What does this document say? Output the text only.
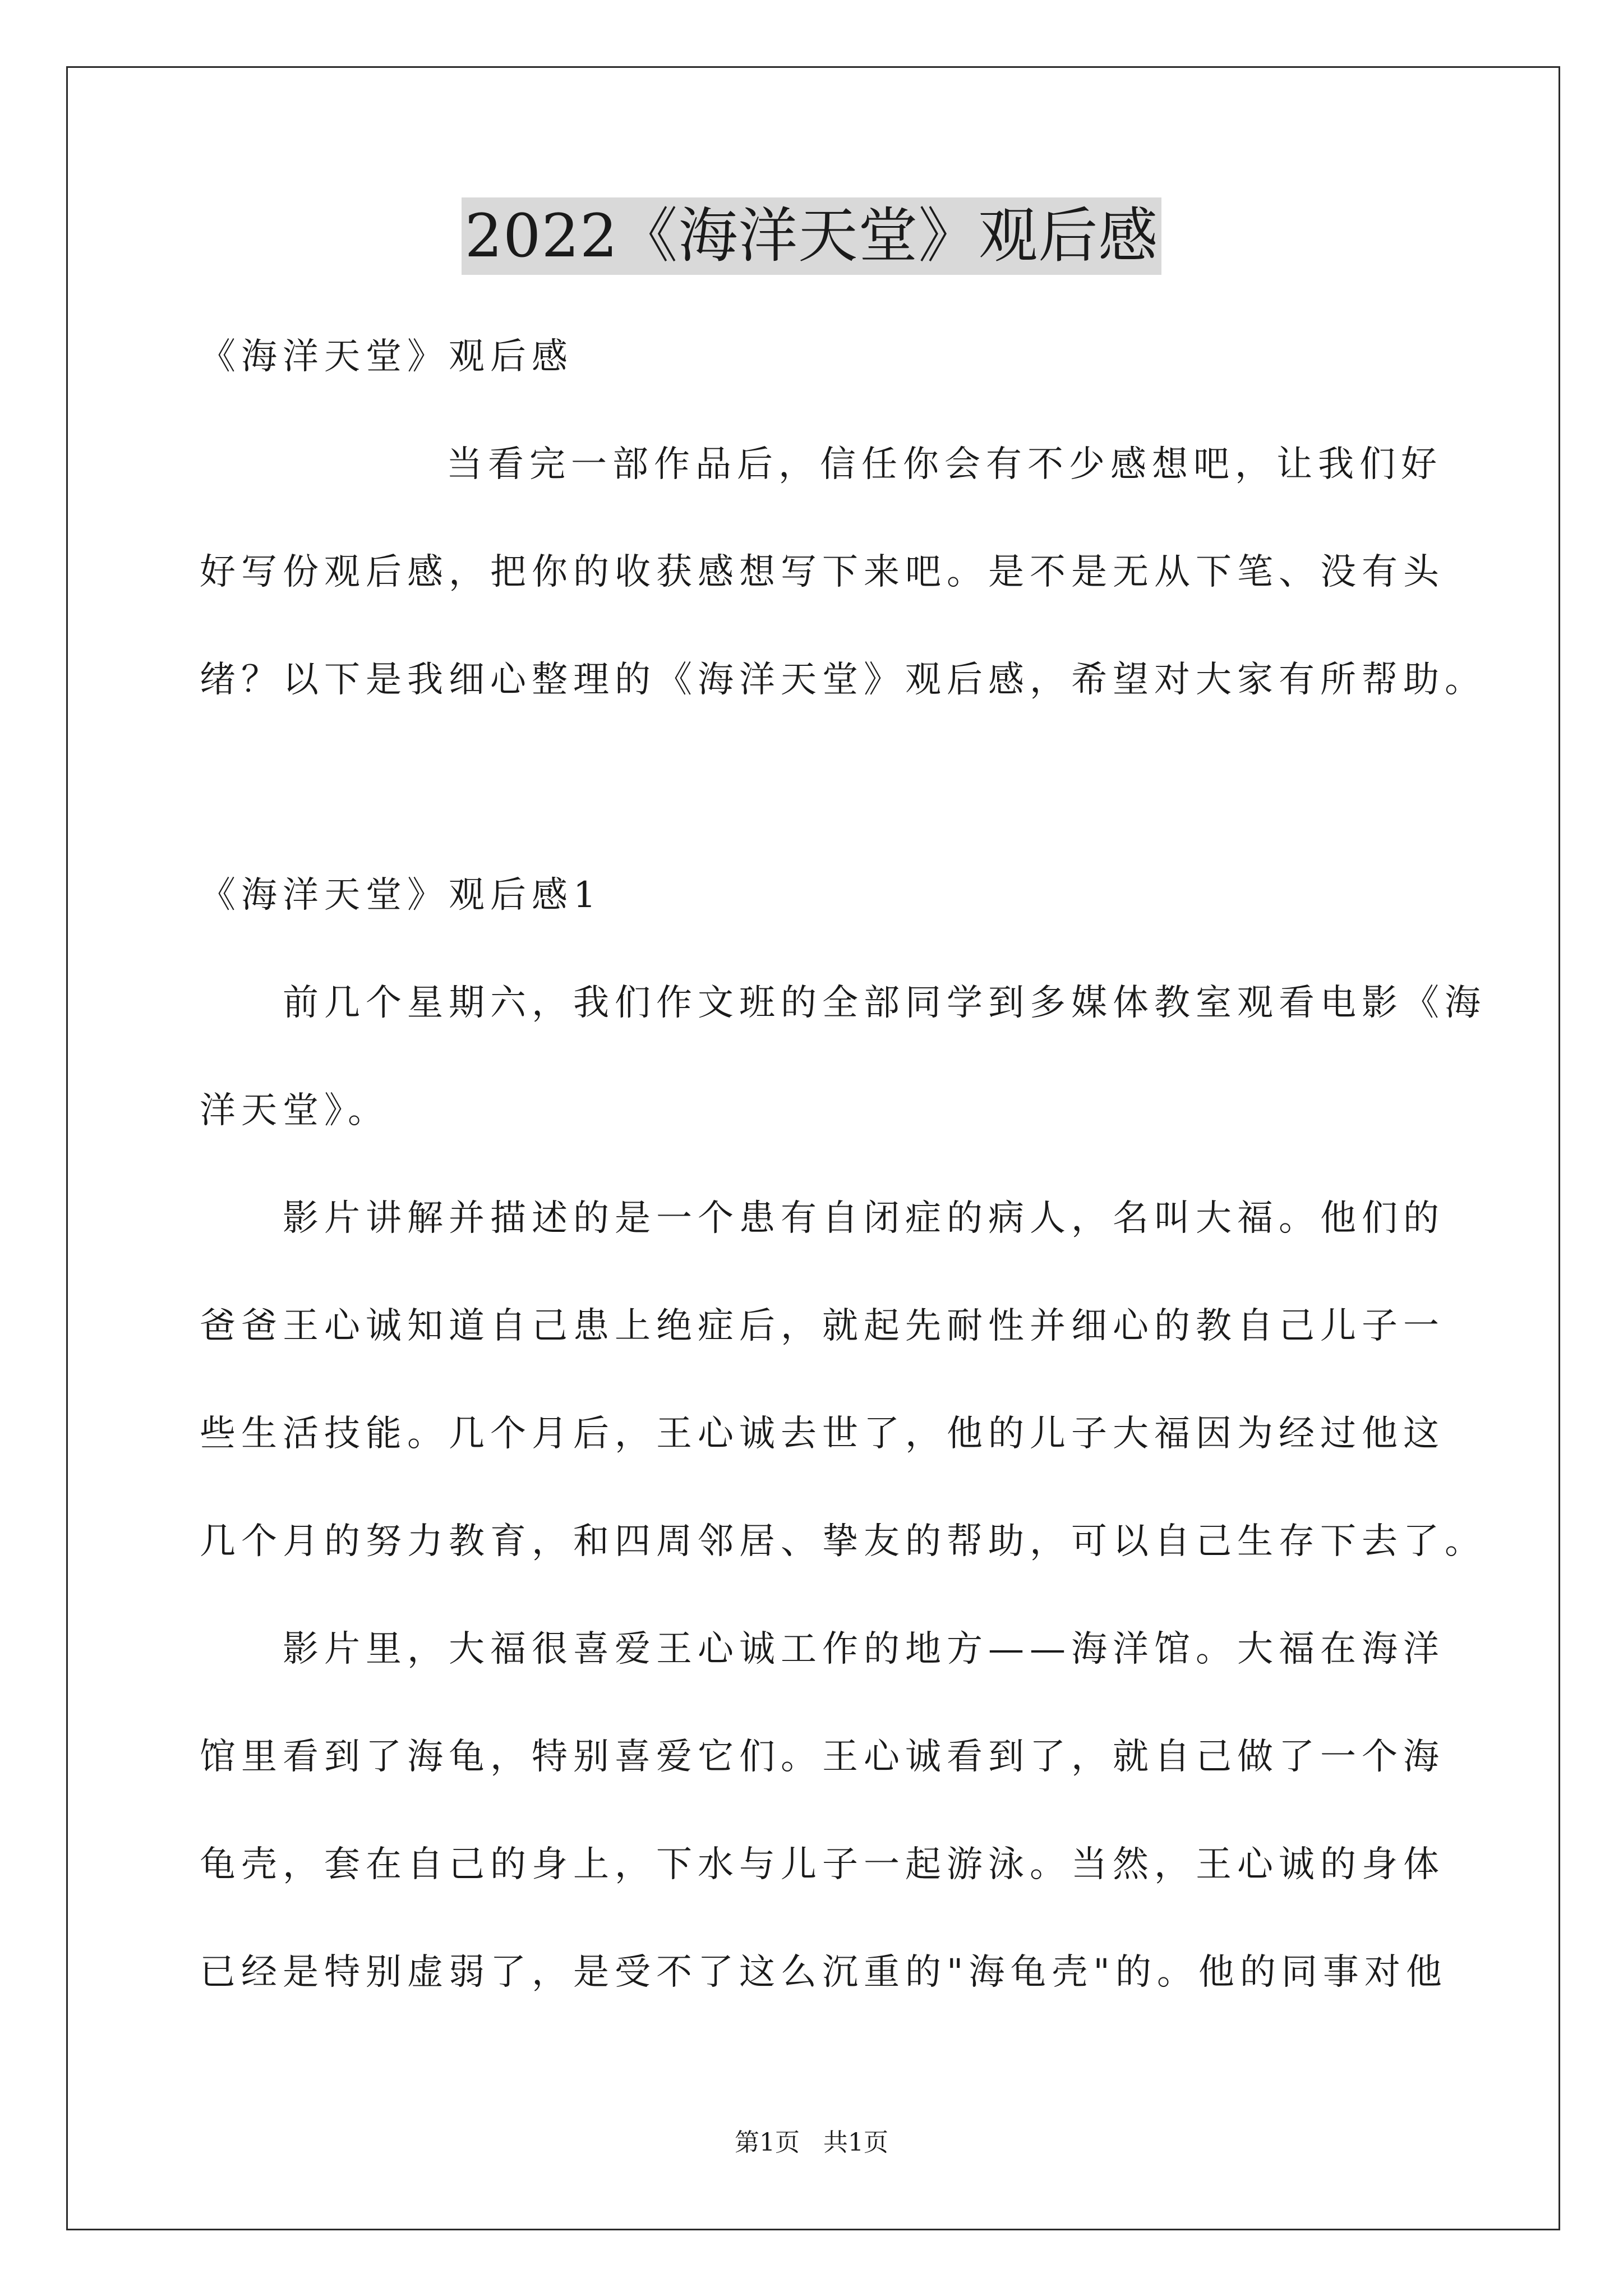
2022《海洋天堂》观后感

《海洋天堂》观后感

当看完一部作品后，信任你会有不少感想吧，让我们好

好写份观后感，把你的收获感想写下来吧。是不是无从下笔、没有头

绪？以下是我细心整理的《海洋天堂》观后感，希望对大家有所帮助。

《海洋天堂》观后感1

前几个星期六，我们作文班的全部同学到多媒体教室观看电影《海

洋天堂》。

影片讲解并描述的是一个患有自闭症的病人，名叫大福。他们的

爸爸王心诚知道自己患上绝症后，就起先耐性并细心的教自己儿子一

些生活技能。几个月后，王心诚去世了，他的儿子大福因为经过他这

几个月的努力教育，和四周邻居、挚友的帮助，可以自己生存下去了。

影片里，大福很喜爱王心诚工作的地方——海洋馆。大福在海洋

馆里看到了海龟，特别喜爱它们。王心诚看到了，就自己做了一个海

龟壳，套在自己的身上，下水与儿子一起游泳。当然，王心诚的身体

已经是特别虚弱了，是受不了这么沉重的"海龟壳"的。他的同事对他

第1页 共1页
